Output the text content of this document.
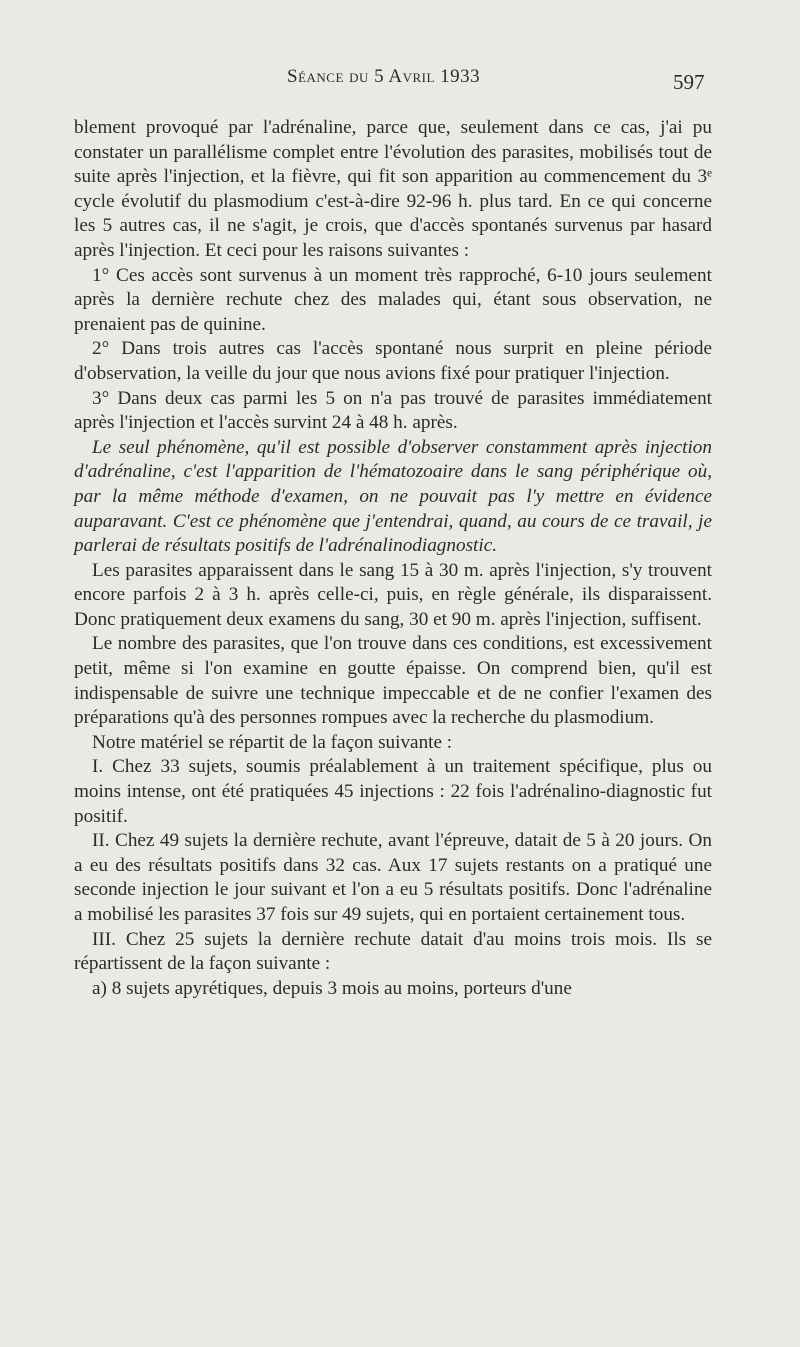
Séance du 5 Avril 1933	597

blement provoqué par l'adrénaline, parce que, seulement dans ce cas, j'ai pu constater un parallélisme complet entre l'évolution des parasites, mobilisés tout de suite après l'injection, et la fièvre, qui fit son apparition au commencement du 3ᵉ cycle évolutif du plasmodium c'est-à-dire 92-96 h. plus tard. En ce qui concerne les 5 autres cas, il ne s'agit, je crois, que d'accès spontanés survenus par hasard après l'injection. Et ceci pour les raisons suivantes :

1° Ces accès sont survenus à un moment très rapproché, 6-10 jours seulement après la dernière rechute chez des malades qui, étant sous observation, ne prenaient pas de quinine.

2° Dans trois autres cas l'accès spontané nous surprit en pleine période d'observation, la veille du jour que nous avions fixé pour pratiquer l'injection.

3° Dans deux cas parmi les 5 on n'a pas trouvé de parasites immédiatement après l'injection et l'accès survint 24 à 48 h. après.

Le seul phénomène, qu'il est possible d'observer constamment après injection d'adrénaline, c'est l'apparition de l'hématozoaire dans le sang périphérique où, par la même méthode d'examen, on ne pouvait pas l'y mettre en évidence auparavant. C'est ce phénomène que j'entendrai, quand, au cours de ce travail, je parlerai de résultats positifs de l'adrénalinodiagnostic.

Les parasites apparaissent dans le sang 15 à 30 m. après l'injection, s'y trouvent encore parfois 2 à 3 h. après celle-ci, puis, en règle générale, ils disparaissent. Donc pratiquement deux examens du sang, 30 et 90 m. après l'injection, suffisent.

Le nombre des parasites, que l'on trouve dans ces conditions, est excessivement petit, même si l'on examine en goutte épaisse. On comprend bien, qu'il est indispensable de suivre une technique impeccable et de ne confier l'examen des préparations qu'à des personnes rompues avec la recherche du plasmodium.

Notre matériel se répartit de la façon suivante :

I. Chez 33 sujets, soumis préalablement à un traitement spécifique, plus ou moins intense, ont été pratiquées 45 injections : 22 fois l'adrénalino-diagnostic fut positif.

II. Chez 49 sujets la dernière rechute, avant l'épreuve, datait de 5 à 20 jours. On a eu des résultats positifs dans 32 cas. Aux 17 sujets restants on a pratiqué une seconde injection le jour suivant et l'on a eu 5 résultats positifs. Donc l'adrénaline a mobilisé les parasites 37 fois sur 49 sujets, qui en portaient certainement tous.

III. Chez 25 sujets la dernière rechute datait d'au moins trois mois. Ils se répartissent de la façon suivante :

a) 8 sujets apyrétiques, depuis 3 mois au moins, porteurs d'une
